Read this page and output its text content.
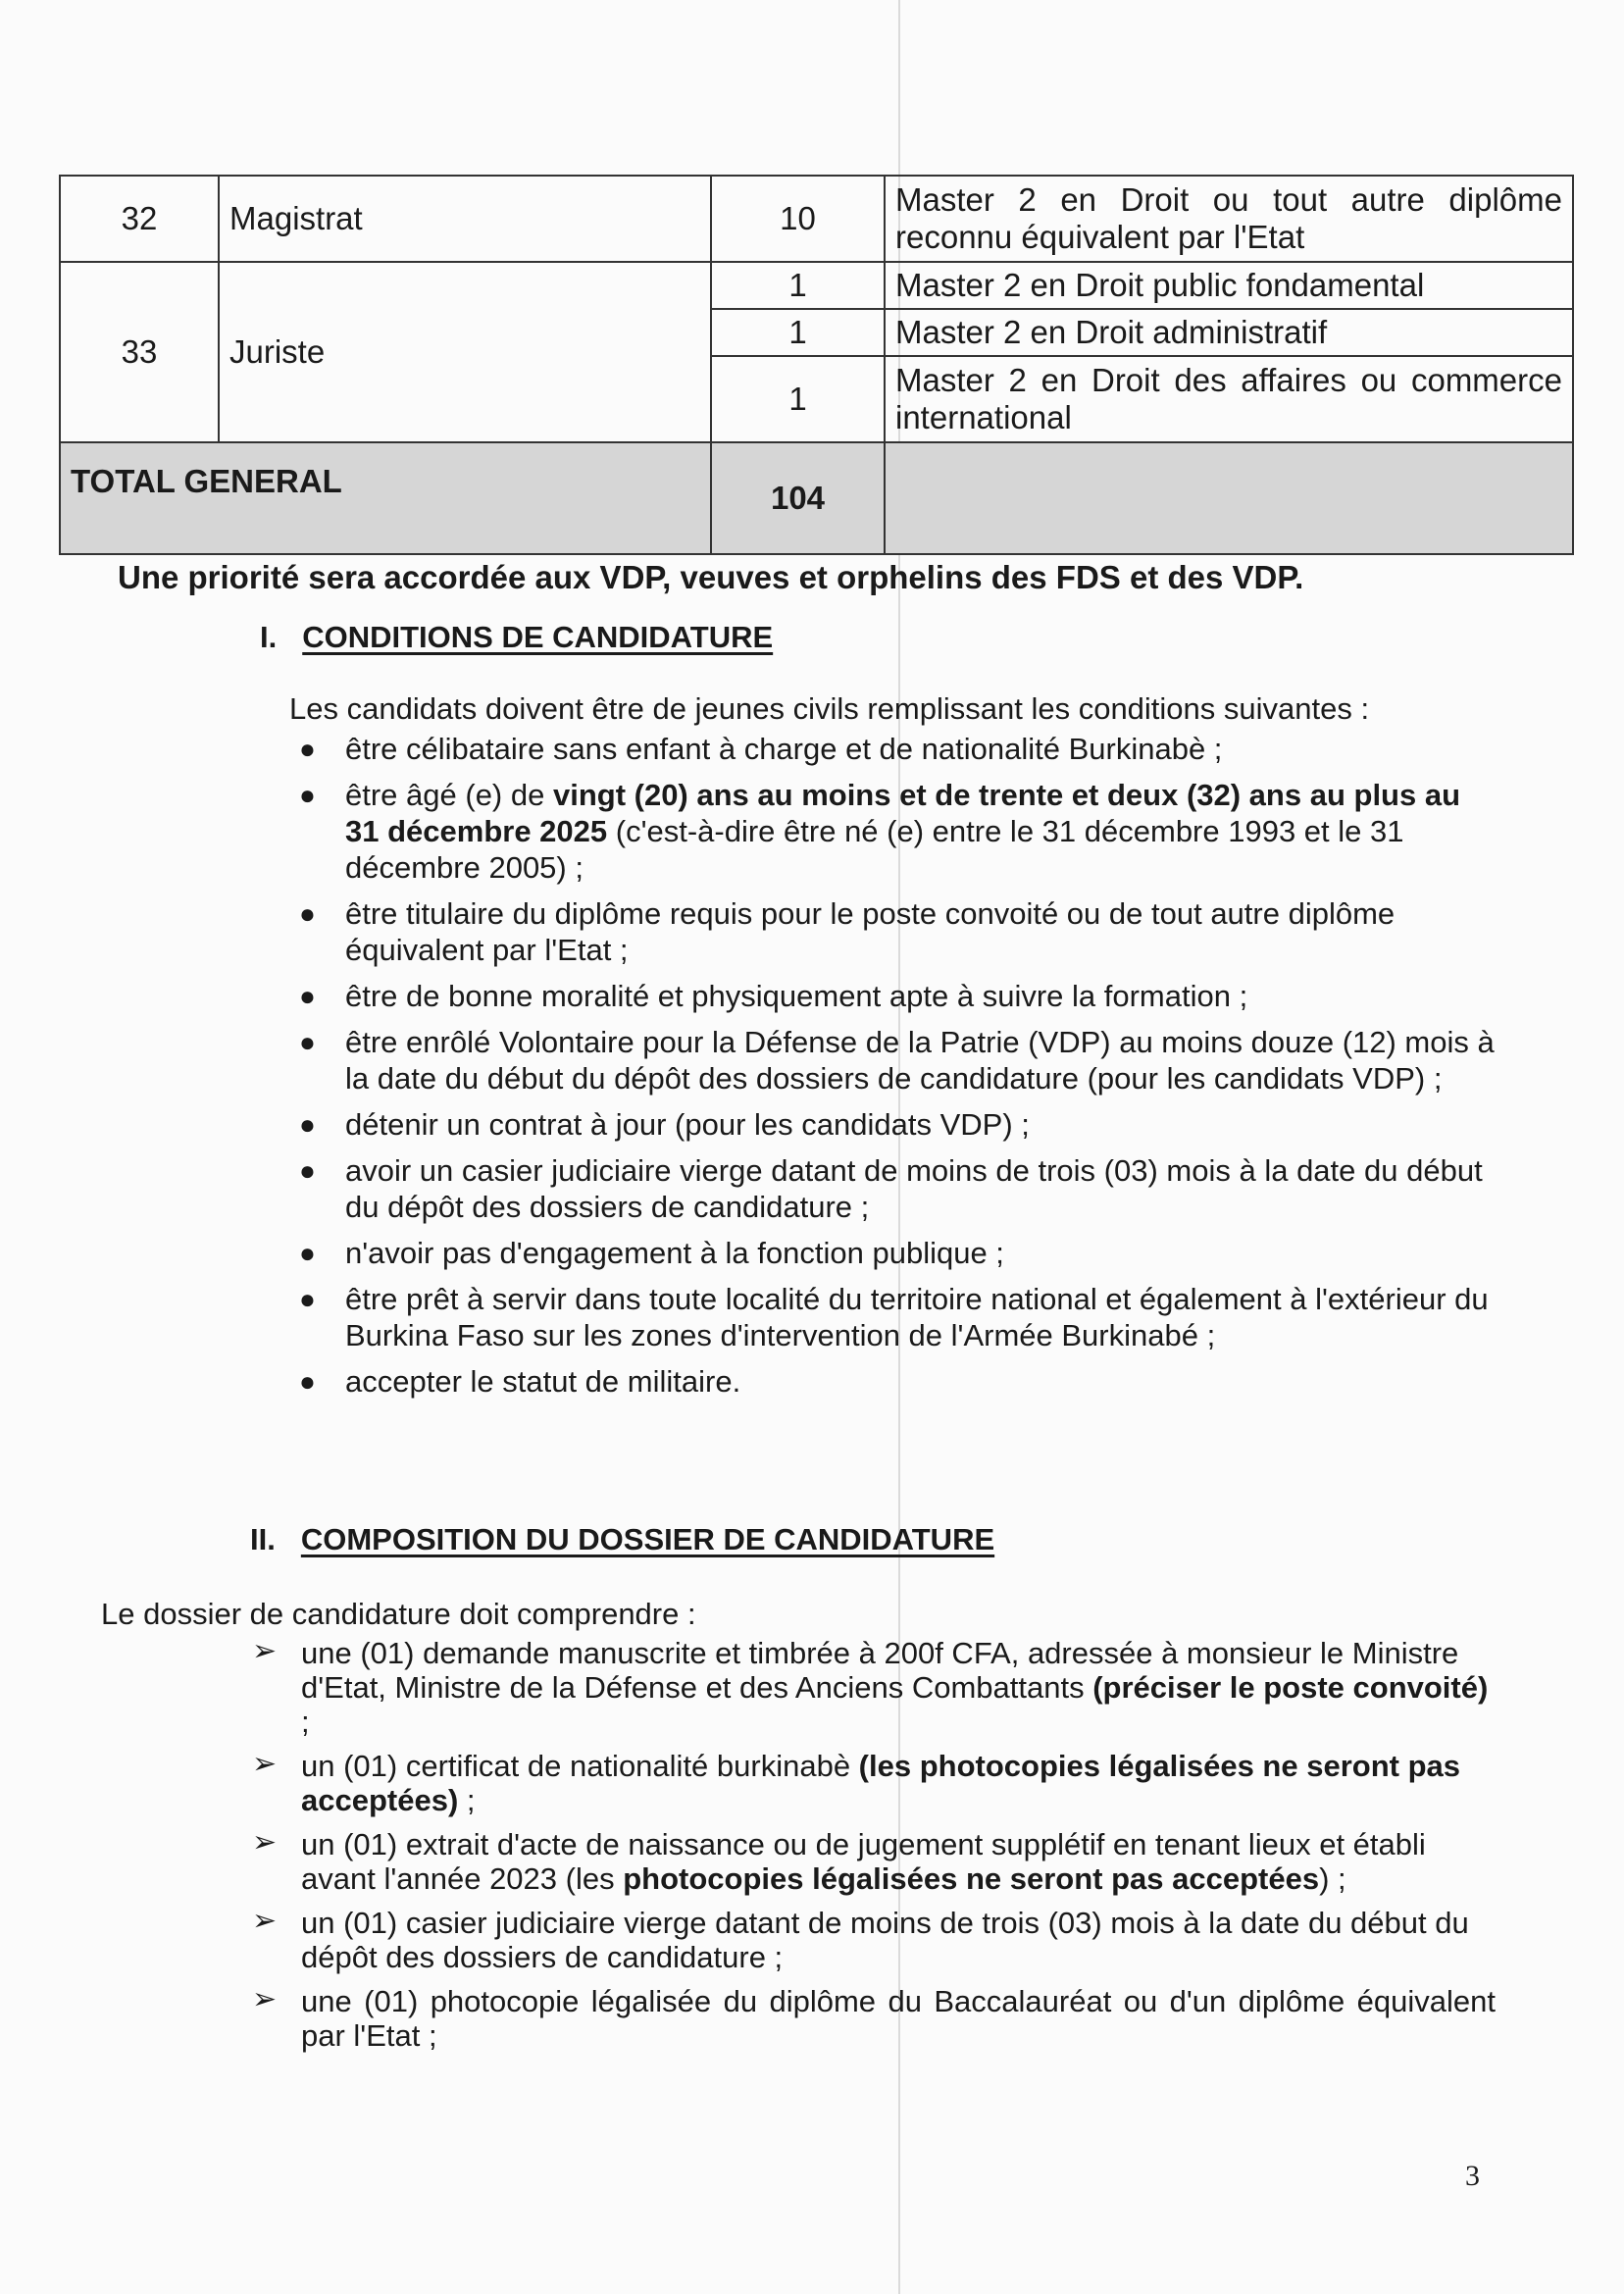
32	Magistrat	10	Master 2 en Droit ou tout autre diplôme reconnu équivalent par l'Etat
33	Juriste	1	Master 2 en Droit public fondamental
		1	Master 2 en Droit administratif
		1	Master 2 en Droit des affaires ou commerce international
TOTAL GENERAL		104	
Une priorité sera accordée aux VDP, veuves et orphelins des FDS et des VDP.
I. CONDITIONS DE CANDIDATURE
Les candidats doivent être de jeunes civils remplissant les conditions suivantes :
● être célibataire sans enfant à charge et de nationalité Burkinabè ;
● être âgé (e) de vingt (20) ans au moins et de trente et deux (32) ans au plus au 31 décembre 2025 (c'est-à-dire être né (e) entre le 31 décembre 1993 et le 31 décembre 2005) ;
● être titulaire du diplôme requis pour le poste convoité ou de tout autre diplôme équivalent par l'Etat ;
● être de bonne moralité et physiquement apte à suivre la formation ;
● être enrôlé Volontaire pour la Défense de la Patrie (VDP) au moins douze (12) mois à la date du début du dépôt des dossiers de candidature (pour les candidats VDP) ;
● détenir un contrat à jour (pour les candidats VDP) ;
● avoir un casier judiciaire vierge datant de moins de trois (03) mois à la date du début du dépôt des dossiers de candidature ;
● n'avoir pas d'engagement à la fonction publique ;
● être prêt à servir dans toute localité du territoire national et également à l'extérieur du Burkina Faso sur les zones d'intervention de l'Armée Burkinabé ;
● accepter le statut de militaire.
II. COMPOSITION DU DOSSIER DE CANDIDATURE
Le dossier de candidature doit comprendre :
➢ une (01) demande manuscrite et timbrée à 200f CFA, adressée à monsieur le Ministre d'Etat, Ministre de la Défense et des Anciens Combattants (préciser le poste convoité) ;
➢ un (01) certificat de nationalité burkinabè (les photocopies légalisées ne seront pas acceptées) ;
➢ un (01) extrait d'acte de naissance ou de jugement supplétif en tenant lieux et établi avant l'année 2023 (les photocopies légalisées ne seront pas acceptées) ;
➢ un (01) casier judiciaire vierge datant de moins de trois (03) mois à la date du début du dépôt des dossiers de candidature ;
➢ une (01) photocopie légalisée du diplôme du Baccalauréat ou d'un diplôme équivalent par l'Etat ;
3
